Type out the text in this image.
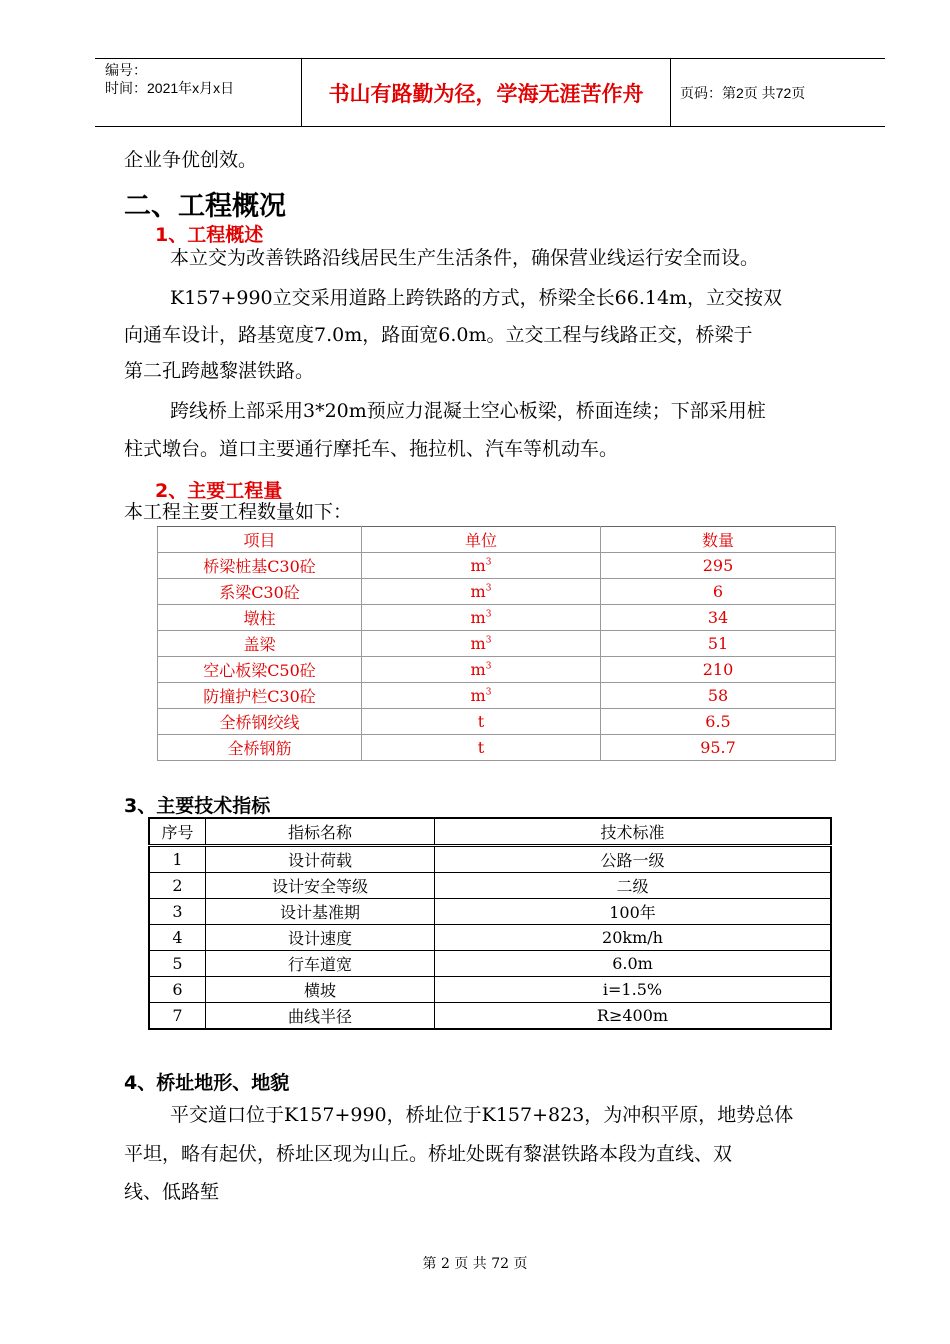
编号：
时间：2021年x月x日	书山有路勤为径，学海无涯苦作舟	页码：第2页 共72页
企业争优创效。
二、工程概况
1、工程概述
本立交为改善铁路沿线居民生产生活条件，确保营业线运行安全而设。
K157+990立交采用道路上跨铁路的方式，桥梁全长66.14m，立交按双
向通车设计，路基宽度7.0m，路面宽6.0m。立交工程与线路正交，桥梁于
第二孔跨越黎湛铁路。
跨线桥上部采用3*20m预应力混凝土空心板梁，桥面连续；下部采用桩
柱式墩台。道口主要通行摩托车、拖拉机、汽车等机动车。
2、主要工程量
本工程主要工程数量如下：
项目	单位	数量
桥梁桩基C30砼	$m^3$	295
系梁C30砼	$m^3$	6
墩柱	$m^3$	34
盖梁	$m^3$	51
空心板梁C50砼	$m^3$	210
防撞护栏C30砼	$m^3$	58
全桥钢绞线	t	6.5
全桥钢筋	t	95.7
3、主要技术指标
序号	指标名称	技术标准
1	设计荷载	公路一级
2	设计安全等级	二级
3	设计基准期	100年
4	设计速度	20km/h
5	行车道宽	6.0m
6	横坡	i=1.5%
7	曲线半径	R≥400m
4、桥址地形、地貌
平交道口位于K157+990，桥址位于K157+823，为冲积平原，地势总体
平坦，略有起伏，桥址区现为山丘。桥址处既有黎湛铁路本段为直线、双
线、低路堑
第 2 页 共 72 页
